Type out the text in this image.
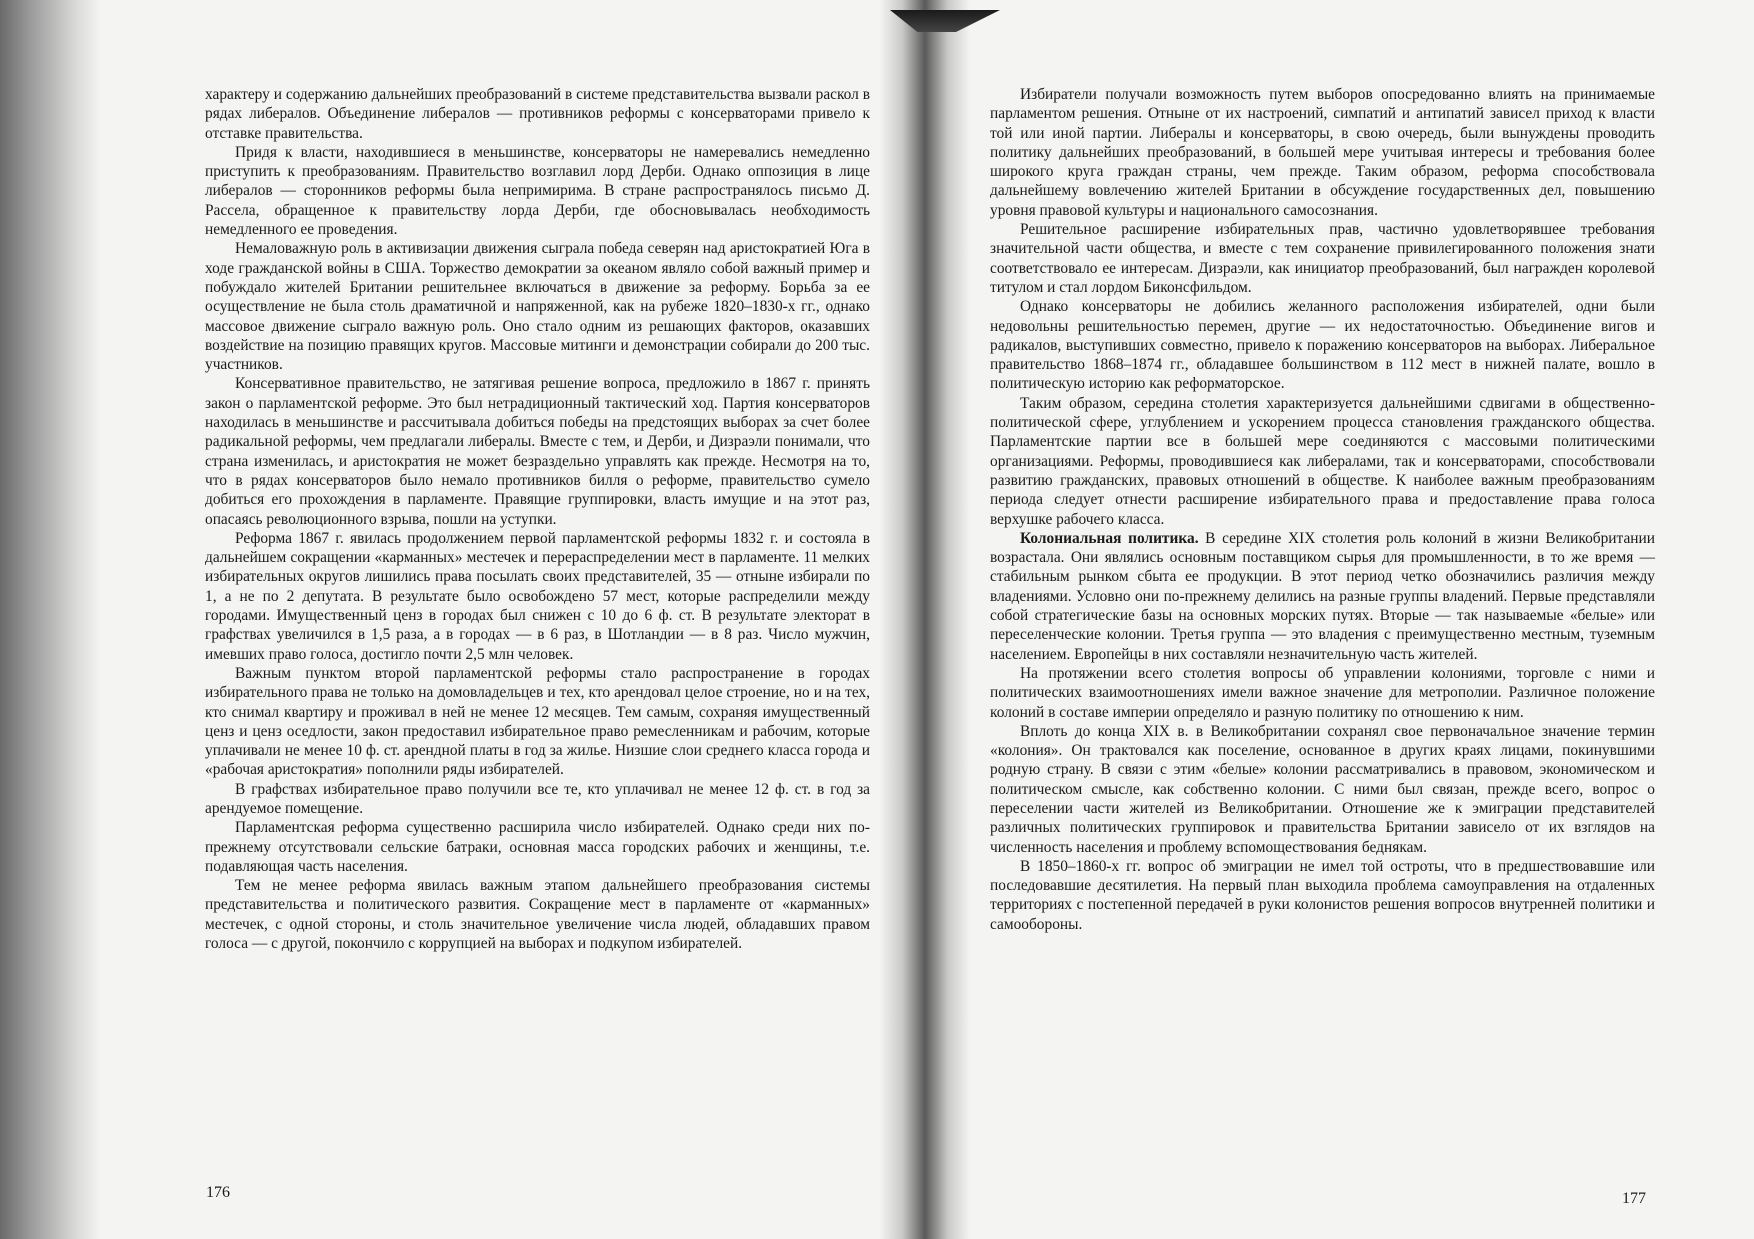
характеру и содержанию дальнейших преобразований в системе представительства вызвали раскол в рядах либералов. Объединение либералов — противников реформы с консерваторами привело к отставке правительства.

Придя к власти, находившиеся в меньшинстве, консерваторы не намеревались немедленно приступить к преобразованиям. Правительство возглавил лорд Дерби. Однако оппозиция в лице либералов — сторонников реформы была непримирима. В стране распространялось письмо Д. Рассела, обращенное к правительству лорда Дерби, где обосновывалась необходимость немедленного ее проведения.

Немаловажную роль в активизации движения сыграла победа северян над аристократией Юга в ходе гражданской войны в США. Торжество демократии за океаном являло собой важный пример и побуждало жителей Британии решительнее включаться в движение за реформу. Борьба за ее осуществление не была столь драматичной и напряженной, как на рубеже 1820–1830-х гг., однако массовое движение сыграло важную роль. Оно стало одним из решающих факторов, оказавших воздействие на позицию правящих кругов. Массовые митинги и демонстрации собирали до 200 тыс. участников.

Консервативное правительство, не затягивая решение вопроса, предложило в 1867 г. принять закон о парламентской реформе. Это был нетрадиционный тактический ход. Партия консерваторов находилась в меньшинстве и рассчитывала добиться победы на предстоящих выборах за счет более радикальной реформы, чем предлагали либералы. Вместе с тем, и Дерби, и Дизраэли понимали, что страна изменилась, и аристократия не может безраздельно управлять как прежде. Несмотря на то, что в рядах консерваторов было немало противников билля о реформе, правительство сумело добиться его прохождения в парламенте. Правящие группировки, власть имущие и на этот раз, опасаясь революционного взрыва, пошли на уступки.

Реформа 1867 г. явилась продолжением первой парламентской реформы 1832 г. и состояла в дальнейшем сокращении «карманных» местечек и перераспределении мест в парламенте. 11 мелких избирательных округов лишились права посылать своих представителей, 35 — отныне избирали по 1, а не по 2 депутата. В результате было освобождено 57 мест, которые распределили между городами. Имущественный ценз в городах был снижен с 10 до 6 ф. ст. В результате электорат в графствах увеличился в 1,5 раза, а в городах — в 6 раз, в Шотландии — в 8 раз. Число мужчин, имевших право голоса, достигло почти 2,5 млн человек.

Важным пунктом второй парламентской реформы стало распространение в городах избирательного права не только на домовладельцев и тех, кто арендовал целое строение, но и на тех, кто снимал квартиру и проживал в ней не менее 12 месяцев. Тем самым, сохраняя имущественный ценз и ценз оседлости, закон предоставил избирательное право ремесленникам и рабочим, которые уплачивали не менее 10 ф. ст. арендной платы в год за жилье. Низшие слои среднего класса города и «рабочая аристократия» пополнили ряды избирателей.

В графствах избирательное право получили все те, кто уплачивал не менее 12 ф. ст. в год за арендуемое помещение.

Парламентская реформа существенно расширила число избирателей. Однако среди них по-прежнему отсутствовали сельские батраки, основная масса городских рабочих и женщины, т.е. подавляющая часть населения.

Тем не менее реформа явилась важным этапом дальнейшего преобразования системы представительства и политического развития. Сокращение мест в парламенте от «карманных» местечек, с одной стороны, и столь значительное увеличение числа людей, обладавших правом голоса — с другой, покончило с коррупцией на выборах и подкупом избирателей.

176

Избиратели получали возможность путем выборов опосредованно влиять на принимаемые парламентом решения. Отныне от их настроений, симпатий и антипатий зависел приход к власти той или иной партии. Либералы и консерваторы, в свою очередь, были вынуждены проводить политику дальнейших преобразований, в большей мере учитывая интересы и требования более широкого круга граждан страны, чем прежде. Таким образом, реформа способствовала дальнейшему вовлечению жителей Британии в обсуждение государственных дел, повышению уровня правовой культуры и национального самосознания.

Решительное расширение избирательных прав, частично удовлетворявшее требования значительной части общества, и вместе с тем сохранение привилегированного положения знати соответствовало ее интересам. Дизраэли, как инициатор преобразований, был награжден королевой титулом и стал лордом Биконсфильдом.

Однако консерваторы не добились желанного расположения избирателей, одни были недовольны решительностью перемен, другие — их недостаточностью. Объединение вигов и радикалов, выступивших совместно, привело к поражению консерваторов на выборах. Либеральное правительство 1868–1874 гг., обладавшее большинством в 112 мест в нижней палате, вошло в политическую историю как реформаторское.

Таким образом, середина столетия характеризуется дальнейшими сдвигами в общественно-политической сфере, углублением и ускорением процесса становления гражданского общества. Парламентские партии все в большей мере соединяются с массовыми политическими организациями. Реформы, проводившиеся как либералами, так и консерваторами, способствовали развитию гражданских, правовых отношений в обществе. К наиболее важным преобразованиям периода следует отнести расширение избирательного права и предоставление права голоса верхушке рабочего класса.

Колониальная политика. В середине XIX столетия роль колоний в жизни Великобритании возрастала. Они являлись основным поставщиком сырья для промышленности, в то же время — стабильным рынком сбыта ее продукции. В этот период четко обозначились различия между владениями. Условно они по-прежнему делились на разные группы владений. Первые представляли собой стратегические базы на основных морских путях. Вторые — так называемые «белые» или переселенческие колонии. Третья группа — это владения с преимущественно местным, туземным населением. Европейцы в них составляли незначительную часть жителей.

На протяжении всего столетия вопросы об управлении колониями, торговле с ними и политических взаимоотношениях имели важное значение для метрополии. Различное положение колоний в составе империи определяло и разную политику по отношению к ним.

Вплоть до конца XIX в. в Великобритании сохранял свое первоначальное значение термин «колония». Он трактовался как поселение, основанное в других краях лицами, покинувшими родную страну. В связи с этим «белые» колонии рассматривались в правовом, экономическом и политическом смысле, как собственно колонии. С ними был связан, прежде всего, вопрос о переселении части жителей из Великобритании. Отношение же к эмиграции представителей различных политических группировок и правительства Британии зависело от их взглядов на численность населения и проблему вспомоществования беднякам.

В 1850–1860-х гг. вопрос об эмиграции не имел той остроты, что в предшествовавшие или последовавшие десятилетия. На первый план выходила проблема самоуправления на отдаленных территориях с постепенной передачей в руки колонистов решения вопросов внутренней политики и самообороны.

177
